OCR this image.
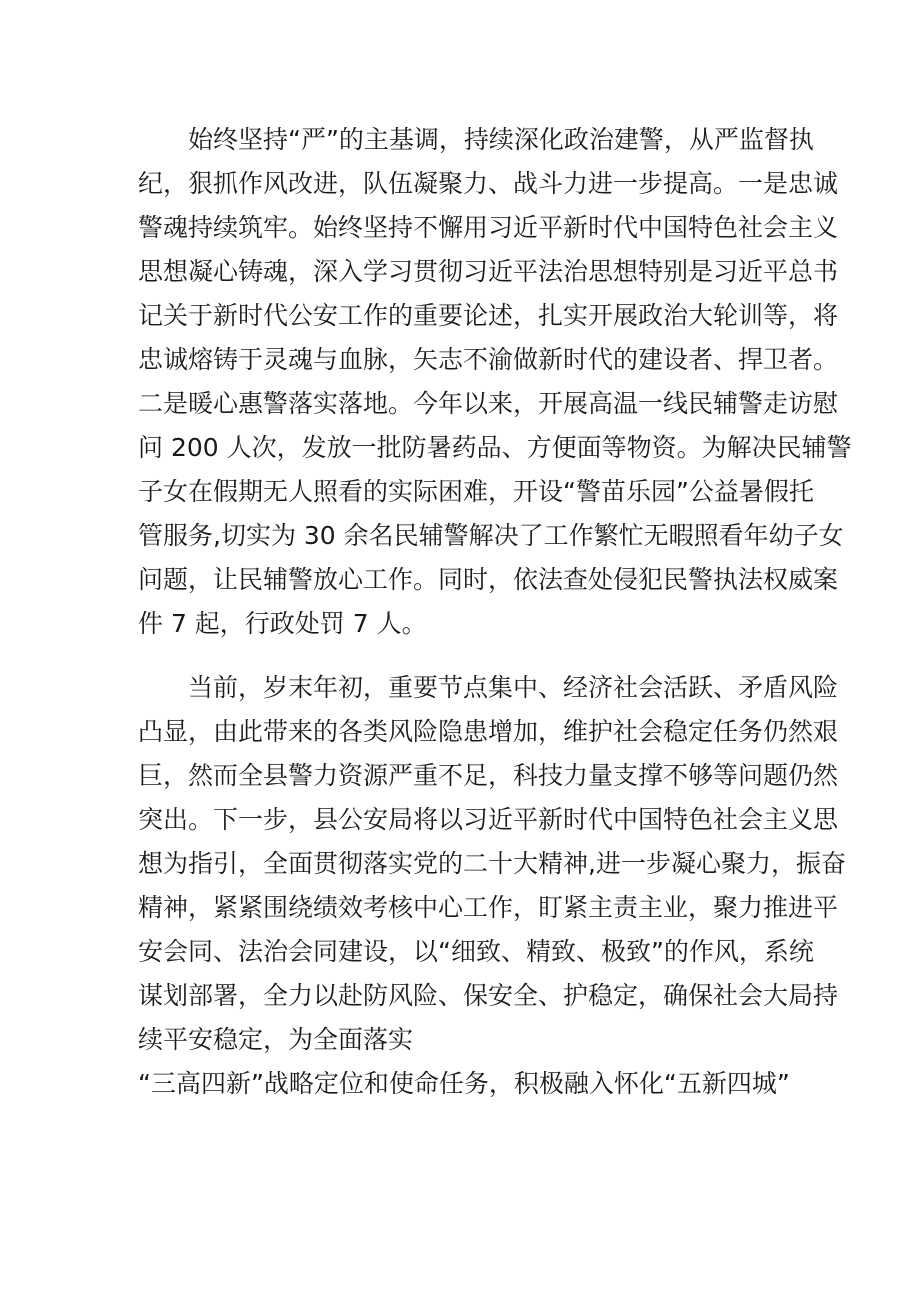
始终坚持“严”的主基调，持续深化政治建警，从严监督执
纪，狠抓作风改进，队伍凝聚力、战斗力进一步提高。一是忠诚
警魂持续筑牢。始终坚持不懈用习近平新时代中国特色社会主义
思想凝心铸魂，深入学习贯彻习近平法治思想特别是习近平总书
记关于新时代公安工作的重要论述，扎实开展政治大轮训等，将
忠诚熔铸于灵魂与血脉，矢志不渝做新时代的建设者、捍卫者。
二是暖心惠警落实落地。今年以来，开展高温一线民辅警走访慰
问 200 人次，发放一批防暑药品、方便面等物资。为解决民辅警
子女在假期无人照看的实际困难，开设“警苗乐园”公益暑假托
管服务,切实为 30 余名民辅警解决了工作繁忙无暇照看年幼子女
问题，让民辅警放心工作。同时，依法查处侵犯民警执法权威案
件 7 起，行政处罚 7 人。
当前，岁末年初，重要节点集中、经济社会活跃、矛盾风险
凸显，由此带来的各类风险隐患增加，维护社会稳定任务仍然艰
巨，然而全县警力资源严重不足，科技力量支撑不够等问题仍然
突出。下一步，县公安局将以习近平新时代中国特色社会主义思
想为指引，全面贯彻落实党的二十大精神,进一步凝心聚力，振奋
精神，紧紧围绕绩效考核中心工作，盯紧主责主业，聚力推进平
安会同、法治会同建设，以“细致、精致、极致”的作风，系统
谋划部署，全力以赴防风险、保安全、护稳定，确保社会大局持
续平安稳定，为全面落实
“三高四新”战略定位和使命任务，积极融入怀化“五新四城”
